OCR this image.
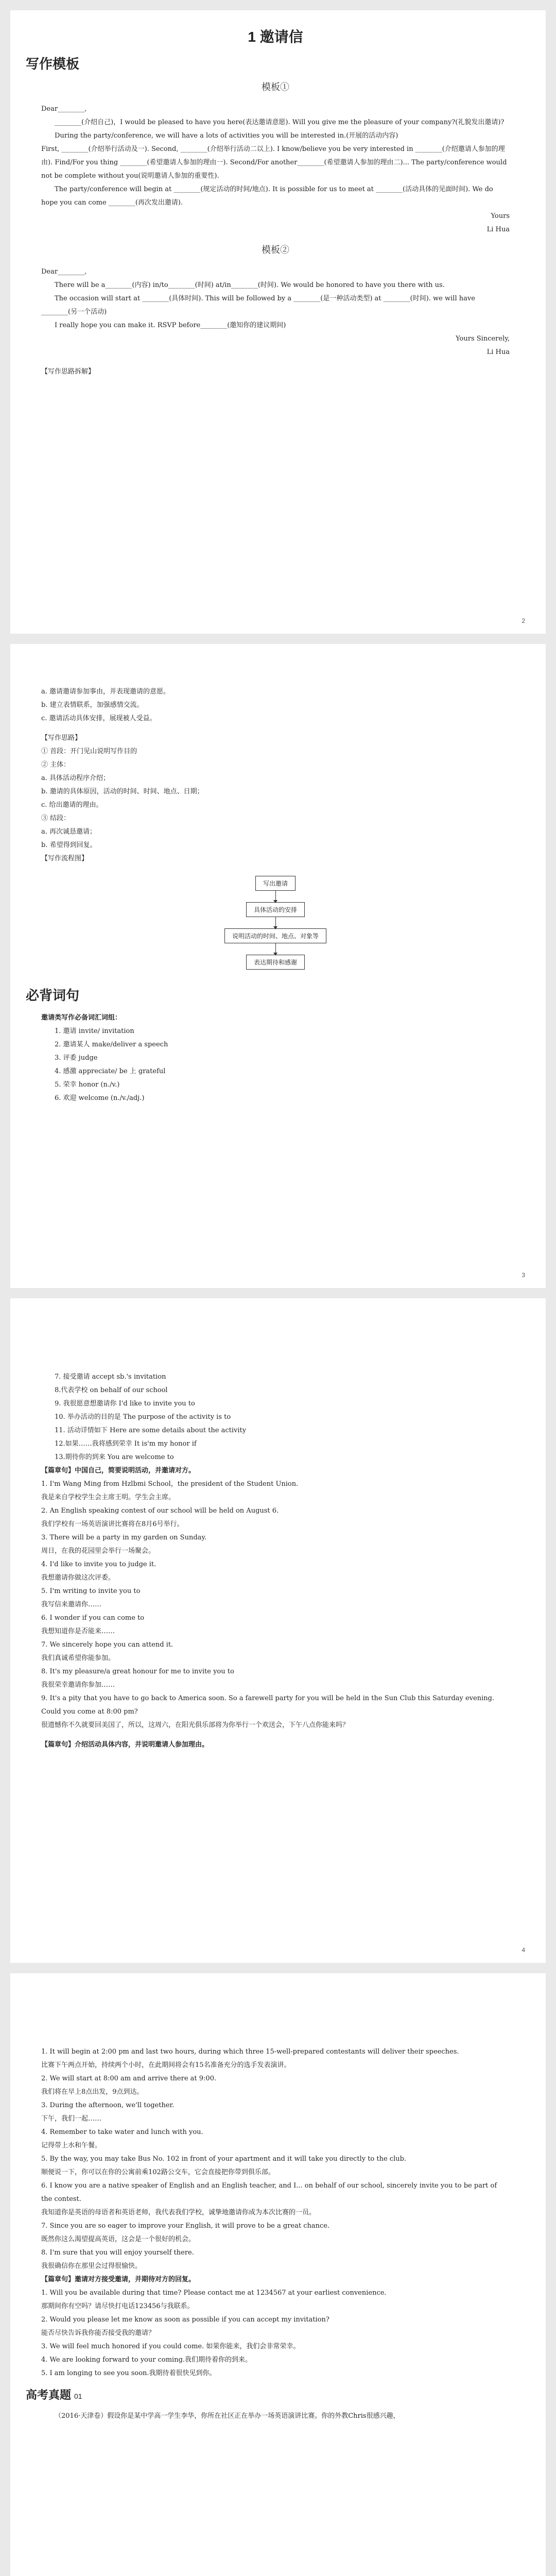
1 邀请信
写作模板
模板①

Dear________,

________(介绍自己)，I would be pleased to have you here(表达邀请意愿). Will you give me the pleasure of your company?(礼貌发出邀请)?

During the party/conference, we will have a lots of activities you will be interested in.(开展的活动内容)

First, ________(介绍举行活动及一). Second, ________(介绍举行活动二以上). I know/believe you be very interested in ________(介绍邀请人参加的理由). Find/For you thing ________(希望邀请人参加的理由一). Second/For another________(希望邀请人参加的理由二)... The party/conference would not be complete without you(说明邀请人参加的重要性).

The party/conference will begin at ________(规定活动的时间/地点). It is possible for us to meet at ________(活动具体的见面时间). We do hope you can come ________(再次发出邀请).

Yours

Li Hua

模板②

Dear________,

There will be a________(内容) in/to________(时间) at/in________(时间). We would be honored to have you there with us.

The occasion will start at ________(具体时间). This will be followed by a ________(是一种活动类型) at ________(时间). we will have ________(另一个活动)

I really hope you can make it. RSVP before________(邀知你的建议期间)

Yours Sincerely,

Li Hua

【写作思路拆解】

2

a. 邀请邀请参加事由，并表现邀请的意愿。

b. 建立表情联系，加强感情交流。

c. 邀请活动具体安排，展现被人受益。

【写作思路】

① 首段：开门见山说明写作目的

② 主体：

a. 具体活动程序介绍；

b. 邀请的具体原因，活动的时间、时间、地点、日期；

c. 给出邀请的理由。

③ 结段：

a. 再次诚恳邀请；

b. 希望得到回复。

【写作流程图】

写出邀请
具体活动的安排
说明活动的时间、地点、对象等
表达期待和感谢
必背词句

邀请类写作必备词汇词组：

1. 邀请 invite/ invitation

2. 邀请某人 make/deliver a speech

3. 评委 judge

4. 感激 appreciate/ be 上 grateful

5. 荣幸 honor (n./v.)

6. 欢迎 welcome (n./v./adj.)

3

7. 接受邀请 accept sb.'s invitation

8.代表学校 on behalf of our school

9. 我很愿意想邀请你 I'd like to invite you to

10. 举办活动的目的是 The purpose of the activity is to

11. 活动详情如下 Here are some details about the activity

12.如果……我将感到荣幸 It is'm my honor if

13.期待你的到来 You are welcome to

【篇章句】中国自己，简要说明活动，并邀请对方。

1. I'm Wang Ming from Hzlbmi School，the president of the Student Union.

我是来自学校学生会主席王明。学生会主席。

2. An English speaking contest of our school will be held on August 6.

我们学校有一场英语演讲比赛将在8月6号举行。

3. There will be a party in my garden on Sunday.

周日，在我的花园里会举行一场聚会。

4. I'd like to invite you to judge it.

我想邀请你做这次评委。

5. I'm writing to invite you to

我写信来邀请你……

6. I wonder if you can come to

我想知道你是否能来……

7. We sincerely hope you can attend it.

我们真诚希望你能参加。

8. It's my pleasure/a great honour for me to invite you to

我很荣幸邀请你参加……

9. It's a pity that you have to go back to America soon. So a farewell party for you will be held in the Sun Club this Saturday evening. Could you come at 8:00 pm?

很遗憾你不久就要回美国了，所以，这周六，在阳光俱乐部将为你举行一个欢送会，下午八点你能来吗？

【篇章句】介绍活动具体内容，并说明邀请人参加理由。

4

1. It will begin at 2:00 pm and last two hours, during which three 15-well-prepared contestants will deliver their speeches.

比赛下午两点开始，持续两个小时，在此期间将会有15名准备充分的选手发表演讲。

2. We will start at 8:00 am and arrive there at 9:00.

我们将在早上8点出发，9点到达。

3. During the afternoon, we'll together.

下午，我们一起……

4. Remember to take water and lunch with you.

记得带上水和午餐。

5. By the way, you may take Bus No. 102 in front of your apartment and it will take you directly to the club.

顺便说一下，你可以在你的公寓前乘102路公交车，它会直接把你带到俱乐部。

6. I know you are a native speaker of English and an English teacher, and I... on behalf of our school, sincerely invite you to be part of the contest.

我知道你是英语的母语者和英语老师，我代表我们学校，诚挚地邀请你成为本次比赛的一员。

7. Since you are so eager to improve your English, it will prove to be a great chance.

既然你这么渴望提高英语，这会是一个很好的机会。

8. I'm sure that you will enjoy yourself there.

我很确信你在那里会过得很愉快。

【篇章句】邀请对方接受邀请，并期待对方的回复。

1. Will you be available during that time? Please contact me at 1234567 at your earliest convenience.

那期间你有空吗？请尽快打电话123456与我联系。

2. Would you please let me know as soon as possible if you can accept my invitation?

能否尽快告诉我你能否接受我的邀请？

3. We will feel much honored if you could come. 如果你能来，我们会非常荣幸。

4. We are looking forward to your coming.我们期待着你的到来。

5. I am longing to see you soon.我期待着很快见到你。

高考真题 01

（2016·天津卷）假设你是某中学高一学生李华，你所在社区正在举办一场英语演讲比赛。你的外教Chris很感兴趣，
